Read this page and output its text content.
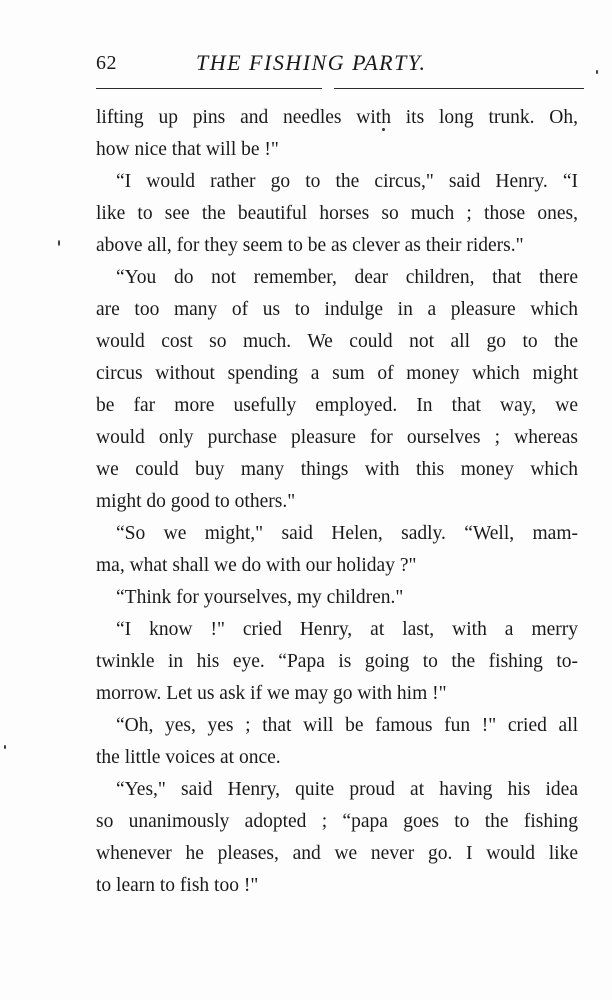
62	THE FISHING PARTY.
lifting up pins and needles with its long trunk. Oh,
how nice that will be !"
“I would rather go to the circus," said Henry. “I
like to see the beautiful horses so much ; those ones,
above all, for they seem to be as clever as their riders."
“You do not remember, dear children, that there
are too many of us to indulge in a pleasure which
would cost so much. We could not all go to the
circus without spending a sum of money which might
be far more usefully employed. In that way, we
would only purchase pleasure for ourselves ; whereas
we could buy many things with this money which
might do good to others."
“So we might," said Helen, sadly. “Well, mam-
ma, what shall we do with our holiday ?"
“Think for yourselves, my children."
“I know !" cried Henry, at last, with a merry
twinkle in his eye. “Papa is going to the fishing to-
morrow. Let us ask if we may go with him !"
“Oh, yes, yes ; that will be famous fun !" cried all
the little voices at once.
“Yes," said Henry, quite proud at having his idea
so unanimously adopted ; “papa goes to the fishing
whenever he pleases, and we never go. I would like
to learn to fish too !"
